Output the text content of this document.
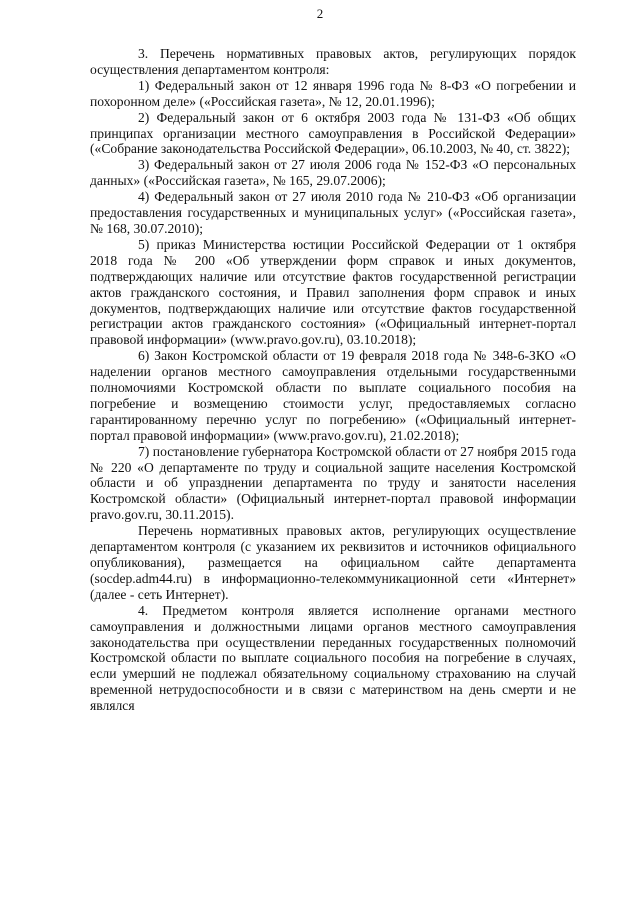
2

3. Перечень нормативных правовых актов, регулирующих порядок осуществления департаментом контроля:

1) Федеральный закон от 12 января 1996 года № 8-ФЗ «О погребении и похоронном деле» («Российская газета», № 12, 20.01.1996);

2) Федеральный закон от 6 октября 2003 года № 131-ФЗ «Об общих принципах организации местного самоуправления в Российской Федерации» («Собрание законодательства Российской Федерации», 06.10.2003, № 40, ст. 3822);

3) Федеральный закон от 27 июля 2006 года № 152-ФЗ «О персональных данных» («Российская газета», № 165, 29.07.2006);

4) Федеральный закон от 27 июля 2010 года № 210-ФЗ «Об организации предоставления государственных и муниципальных услуг» («Российская газета», № 168, 30.07.2010);

5) приказ Министерства юстиции Российской Федерации от 1 октября 2018 года № 200 «Об утверждении форм справок и иных документов, подтверждающих наличие или отсутствие фактов государственной регистрации актов гражданского состояния, и Правил заполнения форм справок и иных документов, подтверждающих наличие или отсутствие фактов государственной регистрации актов гражданского состояния» («Официальный интернет-портал правовой информации» (www.pravo.gov.ru), 03.10.2018);

6) Закон Костромской области от 19 февраля 2018 года № 348-6-ЗКО «О наделении органов местного самоуправления отдельными государственными полномочиями Костромской области по выплате социального пособия на погребение и возмещению стоимости услуг, предоставляемых согласно гарантированному перечню услуг по погребению» («Официальный интернет-портал правовой информации» (www.pravo.gov.ru), 21.02.2018);

7) постановление губернатора Костромской области от 27 ноября 2015 года № 220 «О департаменте по труду и социальной защите населения Костромской области и об упразднении департамента по труду и занятости населения Костромской области» (Официальный интернет-портал правовой информации pravo.gov.ru, 30.11.2015).

Перечень нормативных правовых актов, регулирующих осуществление департаментом контроля (с указанием их реквизитов и источников официального опубликования), размещается на официальном сайте департамента (socdep.adm44.ru) в информационно-телекоммуникационной сети «Интернет» (далее - сеть Интернет).

4. Предметом контроля является исполнение органами местного самоуправления и должностными лицами органов местного самоуправления законодательства при осуществлении переданных государственных полномочий Костромской области по выплате социального пособия на погребение в случаях, если умерший не подлежал обязательному социальному страхованию на случай временной нетрудоспособности и в связи с материнством на день смерти и не являлся
